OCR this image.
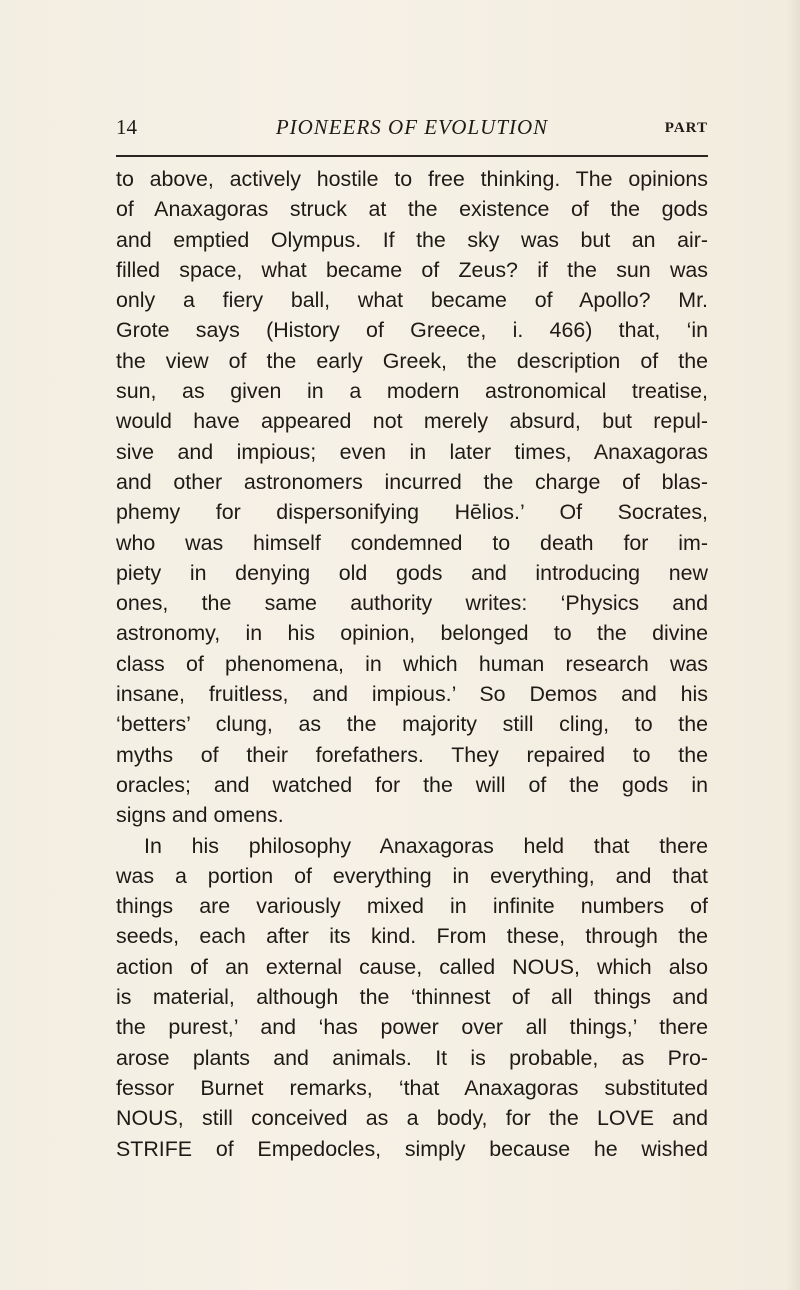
14	PIONEERS OF EVOLUTION	PART
to above, actively hostile to free thinking. The opinions
of Anaxagoras struck at the existence of the gods
and emptied Olympus. If the sky was but an air-
filled space, what became of Zeus? if the sun was
only a fiery ball, what became of Apollo? Mr.
Grote says (History of Greece, i. 466) that, ‘in
the view of the early Greek, the description of the
sun, as given in a modern astronomical treatise,
would have appeared not merely absurd, but repul-
sive and impious; even in later times, Anaxagoras
and other astronomers incurred the charge of blas-
phemy for dispersonifying Hēlios.’ Of Socrates,
who was himself condemned to death for im-
piety in denying old gods and introducing new
ones, the same authority writes: ‘Physics and
astronomy, in his opinion, belonged to the divine
class of phenomena, in which human research was
insane, fruitless, and impious.’ So Demos and his
‘betters’ clung, as the majority still cling, to the
myths of their forefathers. They repaired to the
oracles; and watched for the will of the gods in
signs and omens.
In his philosophy Anaxagoras held that there
was a portion of everything in everything, and that
things are variously mixed in infinite numbers of
seeds, each after its kind. From these, through the
action of an external cause, called NOUS, which also
is material, although the ‘thinnest of all things and
the purest,’ and ‘has power over all things,’ there
arose plants and animals. It is probable, as Pro-
fessor Burnet remarks, ‘that Anaxagoras substituted
NOUS, still conceived as a body, for the LOVE and
STRIFE of Empedocles, simply because he wished
